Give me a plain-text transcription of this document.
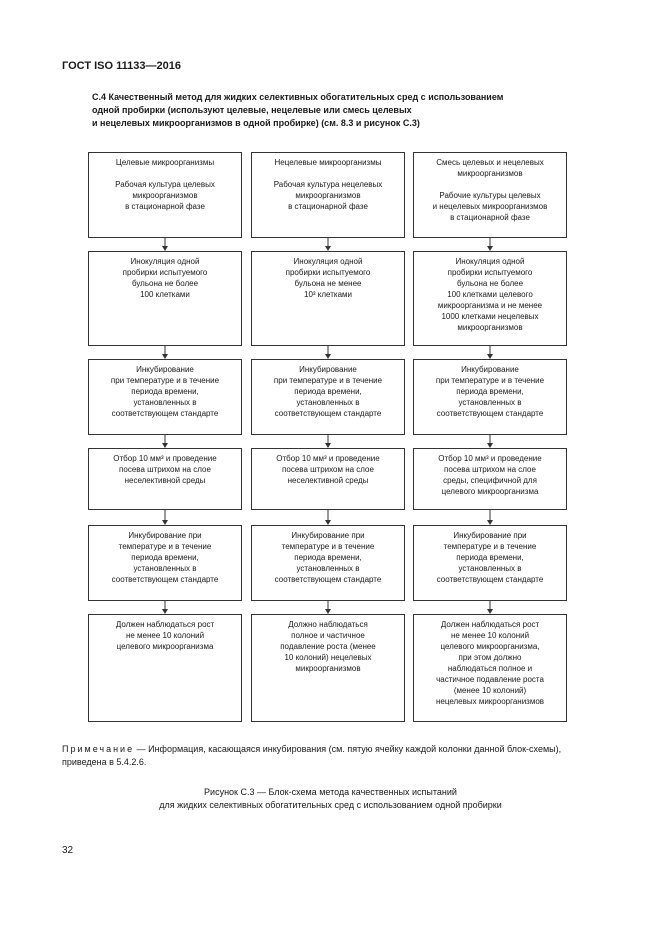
ГОСТ ISO 11133—2016
С.4 Качественный метод для жидких селективных обогатительных сред с использованием
одной пробирки (используют целевые, нецелевые или смесь целевых
и нецелевых микроорганизмов в одной пробирке) (см. 8.3 и рисунок С.3)
Целевые микроорганизмы
Рабочая культура целевых
микроорганизмов
в стационарной фазе
Инокуляция одной
пробирки испытуемого
бульона не более
100 клетками
Инкубирование
при температуре и в течение
периода времени,
установленных в
соответствующем стандарте
Отбор 10 мм³ и проведение
посева штрихом на слое
неселективной среды
Инкубирование при
температуре и в течение
периода времени,
установленных в
соответствующем стандарте
Должен наблюдаться рост
не менее 10 колоний
целевого микроорганизма
Нецелевые микроорганизмы
Рабочая культура нецелевых
микроорганизмов
в стационарной фазе
Инокуляция одной
пробирки испытуемого
бульона не менее
10³ клетками
Инкубирование
при температуре и в течение
периода времени,
установленных в
соответствующем стандарте
Отбор 10 мм³ и проведение
посева штрихом на слое
неселективной среды
Инкубирование при
температуре и в течение
периода времени,
установленных в
соответствующем стандарте
Должно наблюдаться
полное и частичное
подавление роста (менее
10 колоний) нецелевых
микроорганизмов
Смесь целевых и нецелевых
микроорганизмов
Рабочие культуры целевых
и нецелевых микроорганизмов
в стационарной фазе
Инокуляция одной
пробирки испытуемого
бульона не более
100 клетками целевого
микроорганизма и не менее
1000 клетками нецелевых
микроорганизмов
Инкубирование
при температуре и в течение
периода времени,
установленных в
соответствующем стандарте
Отбор 10 мм³ и проведение
посева штрихом на слое
среды, специфичной для
целевого микроорганизма
Инкубирование при
температуре и в течение
периода времени,
установленных в
соответствующем стандарте
Должен наблюдаться рост
не менее 10 колоний
целевого микроорганизма,
при этом должно
наблюдаться полное и
частичное подавление роста
(менее 10 колоний)
нецелевых микроорганизмов
Примечание — Информация, касающаяся инкубирования (см. пятую ячейку каждой колонки данной блок-схемы), приведена в 5.4.2.6.
Рисунок С.3 — Блок-схема метода качественных испытаний
для жидких селективных обогатительных сред с использованием одной пробирки
32
